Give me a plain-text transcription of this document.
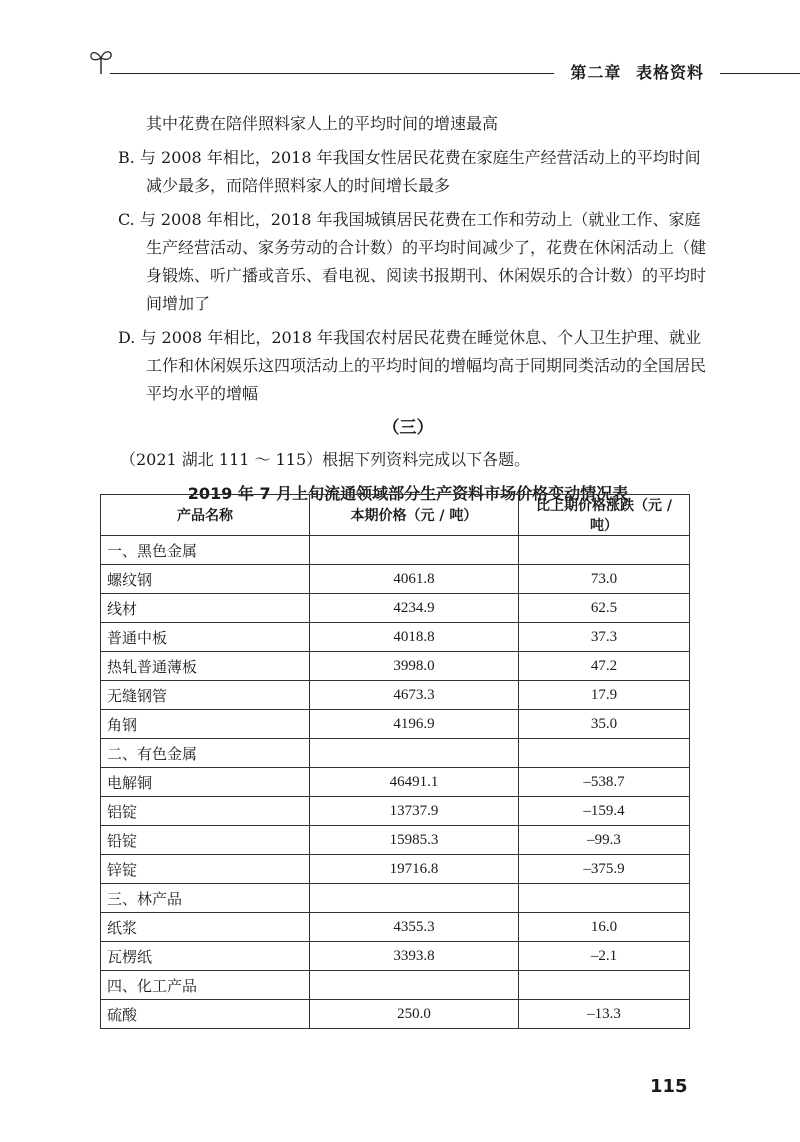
第二章 表格资料

其中花费在陪伴照料家人上的平均时间的增速最高

B. 与 2008 年相比，2018 年我国女性居民花费在家庭生产经营活动上的平均时间减少最多，而陪伴照料家人的时间增长最多

C. 与 2008 年相比，2018 年我国城镇居民花费在工作和劳动上（就业工作、家庭生产经营活动、家务劳动的合计数）的平均时间减少了，花费在休闲活动上（健身锻炼、听广播或音乐、看电视、阅读书报期刊、休闲娱乐的合计数）的平均时间增加了

D. 与 2008 年相比，2018 年我国农村居民花费在睡觉休息、个人卫生护理、就业工作和休闲娱乐这四项活动上的平均时间的增幅均高于同期同类活动的全国居民平均水平的增幅

（三）

（2021 湖北 111 ～ 115）根据下列资料完成以下各题。

2019 年 7 月上旬流通领域部分生产资料市场价格变动情况表
产品名称	本期价格（元 / 吨）	比上期价格涨跌（元 / 吨）
一、黑色金属		
螺纹钢	4061.8	73.0
线材	4234.9	62.5
普通中板	4018.8	37.3
热轧普通薄板	3998.0	47.2
无缝钢管	4673.3	17.9
角钢	4196.9	35.0
二、有色金属		
电解铜	46491.1	–538.7
铝锭	13737.9	–159.4
铅锭	15985.3	–99.3
锌锭	19716.8	–375.9
三、林产品		
纸浆	4355.3	16.0
瓦楞纸	3393.8	–2.1
四、化工产品		
硫酸	250.0	–13.3
115
